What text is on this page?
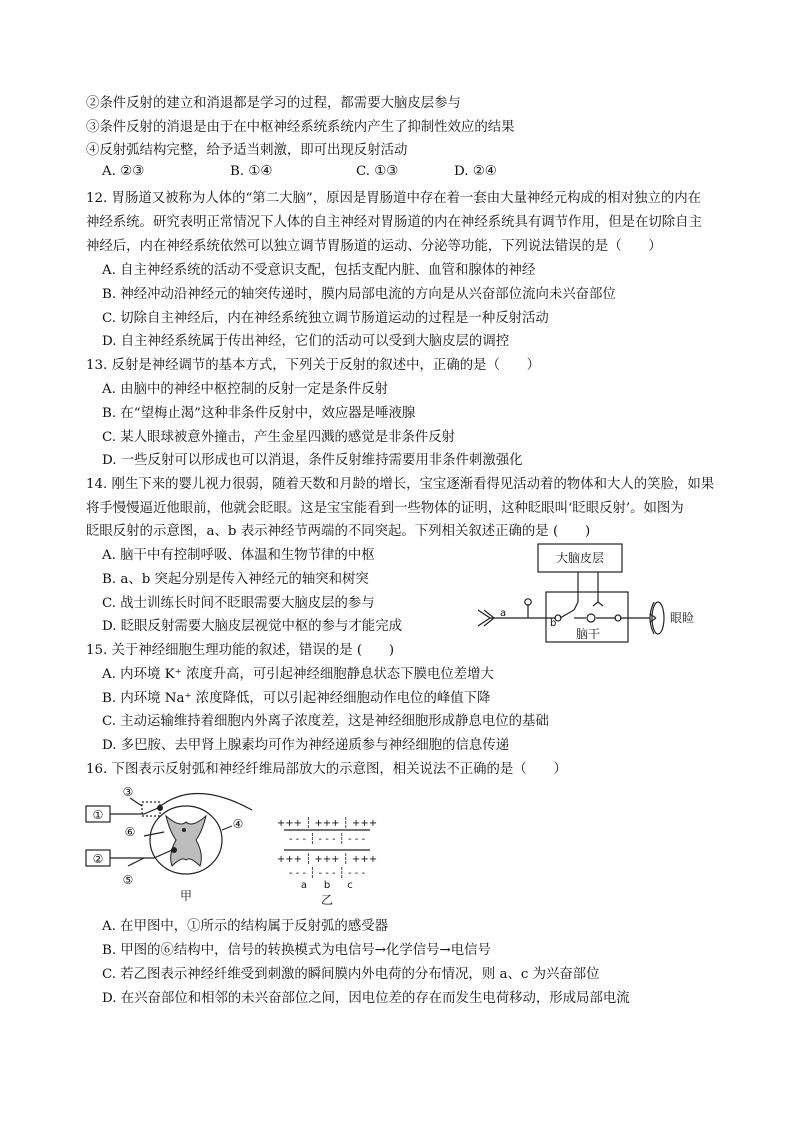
②条件反射的建立和消退都是学习的过程，都需要大脑皮层参与
③条件反射的消退是由于在中枢神经系统系统内产生了抑制性效应的结果
④反射弧结构完整，给予适当刺激，即可出现反射活动
A. ②③	B. ①④	C. ①③	D. ②④
12. 胃肠道又被称为人体的“第二大脑”，原因是胃肠道中存在着一套由大量神经元构成的相对独立的内在
神经系统。研究表明正常情况下人体的自主神经对胃肠道的内在神经系统具有调节作用，但是在切除自主
神经后，内在神经系统依然可以独立调节胃肠道的运动、分泌等功能，下列说法错误的是（　　）
A. 自主神经系统的活动不受意识支配，包括支配内脏、血管和腺体的神经
B. 神经冲动沿神经元的轴突传递时，膜内局部电流的方向是从兴奋部位流向未兴奋部位
C. 切除自主神经后，内在神经系统独立调节肠道运动的过程是一种反射活动
D. 自主神经系统属于传出神经，它们的活动可以受到大脑皮层的调控
13. 反射是神经调节的基本方式，下列关于反射的叙述中，正确的是（　　）
A. 由脑中的神经中枢控制的反射一定是条件反射
B. 在“望梅止渴”这种非条件反射中，效应器是唾液腺
C. 某人眼球被意外撞击，产生金星四溅的感觉是非条件反射
D. 一些反射可以形成也可以消退，条件反射维持需要用非条件刺激强化
14. 刚生下来的婴儿视力很弱，随着天数和月龄的增长，宝宝逐渐看得见活动着的物体和大人的笑脸，如果
将手慢慢逼近他眼前，他就会眨眼。这是宝宝能看到一些物体的证明，这种眨眼叫‘眨眼反射’。如图为
眨眼反射的示意图，a、b 表示神经节两端的不同突起。下列相关叙述正确的是 (　　)
A. 脑干中有控制呼吸、体温和生物节律的中枢
B. a、b 突起分别是传入神经元的轴突和树突
C. 战士训练长时间不眨眼需要大脑皮层的参与
D. 眨眼反射需要大脑皮层视觉中枢的参与才能完成
15. 关于神经细胞生理功能的叙述，错误的是 (　　)
A. 内环境 K⁺ 浓度升高，可引起神经细胞静息状态下膜电位差增大
B. 内环境 Na⁺ 浓度降低，可以引起神经细胞动作电位的峰值下降
C. 主动运输维持着细胞内外离子浓度差，这是神经细胞形成静息电位的基础
D. 多巴胺、去甲肾上腺素均可作为神经递质参与神经细胞的信息传递
16. 下图表示反射弧和神经纤维局部放大的示意图，相关说法不正确的是（　　）
A. 在甲图中，①所示的结构属于反射弧的感受器
B. 甲图的⑥结构中，信号的转换模式为电信号→化学信号→电信号
C. 若乙图表示神经纤维受到刺激的瞬间膜内外电荷的分布情况，则 a、c 为兴奋部位
D. 在兴奋部位和相邻的未兴奋部位之间，因电位差的存在而发生电荷移动，形成局部电流
大脑皮层
脑干
眼睑
a
b
①
②
③
④
⑤
⑥
甲
+++ ┆ +++ ┆ +++
- - - ┆ - - - ┆ - - -
+++ ┆ +++ ┆ +++
- - - ┆ - - - ┆ - - -
a b c
乙
